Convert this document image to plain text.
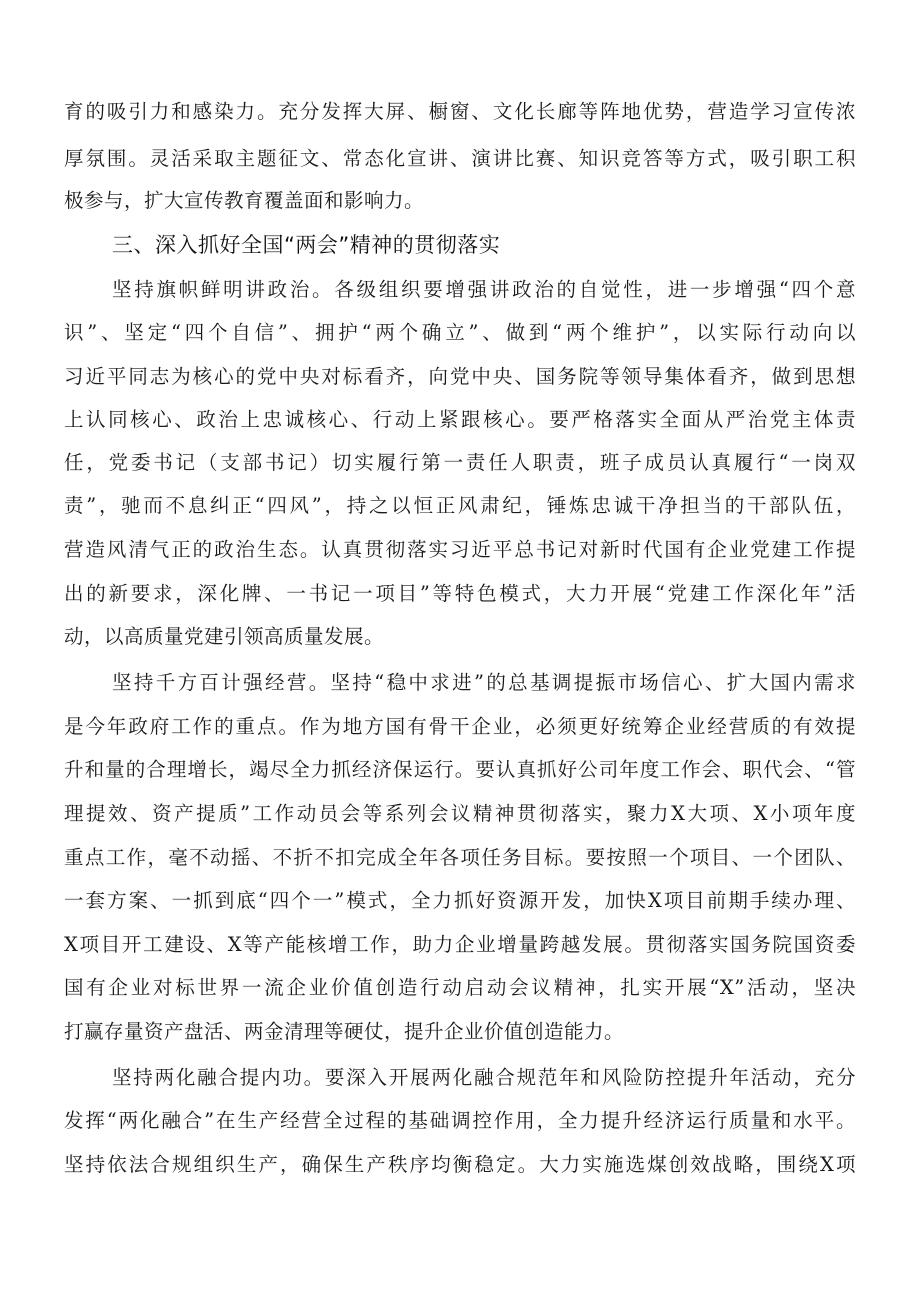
育的吸引力和感染力。充分发挥大屏、橱窗、文化长廊等阵地优势，营造学习宣传浓
厚氛围。灵活采取主题征文、常态化宣讲、演讲比赛、知识竞答等方式，吸引职工积
极参与，扩大宣传教育覆盖面和影响力。
三、深入抓好全国“两会”精神的贯彻落实
坚持旗帜鲜明讲政治。各级组织要增强讲政治的自觉性，进一步增强“四个意
识”、坚定“四个自信”、拥护“两个确立”、做到“两个维护”，以实际行动向以
习近平同志为核心的党中央对标看齐，向党中央、国务院等领导集体看齐，做到思想
上认同核心、政治上忠诚核心、行动上紧跟核心。要严格落实全面从严治党主体责
任，党委书记（支部书记）切实履行第一责任人职责，班子成员认真履行“一岗双
责”，驰而不息纠正“四风”，持之以恒正风肃纪，锤炼忠诚干净担当的干部队伍，
营造风清气正的政治生态。认真贯彻落实习近平总书记对新时代国有企业党建工作提
出的新要求，深化牌、一书记一项目”等特色模式，大力开展“党建工作深化年”活
动，以高质量党建引领高质量发展。
坚持千方百计强经营。坚持“稳中求进”的总基调提振市场信心、扩大国内需求
是今年政府工作的重点。作为地方国有骨干企业，必须更好统筹企业经营质的有效提
升和量的合理增长，竭尽全力抓经济保运行。要认真抓好公司年度工作会、职代会、“管
理提效、资产提质”工作动员会等系列会议精神贯彻落实，聚力X大项、X小项年度
重点工作，毫不动摇、不折不扣完成全年各项任务目标。要按照一个项目、一个团队、
一套方案、一抓到底“四个一”模式，全力抓好资源开发，加快X项目前期手续办理、
X项目开工建设、X等产能核增工作，助力企业增量跨越发展。贯彻落实国务院国资委
国有企业对标世界一流企业价值创造行动启动会议精神，扎实开展“X”活动，坚决
打赢存量资产盘活、两金清理等硬仗，提升企业价值创造能力。
坚持两化融合提内功。要深入开展两化融合规范年和风险防控提升年活动，充分
发挥“两化融合”在生产经营全过程的基础调控作用，全力提升经济运行质量和水平。
坚持依法合规组织生产，确保生产秩序均衡稳定。大力实施选煤创效战略，围绕X项
